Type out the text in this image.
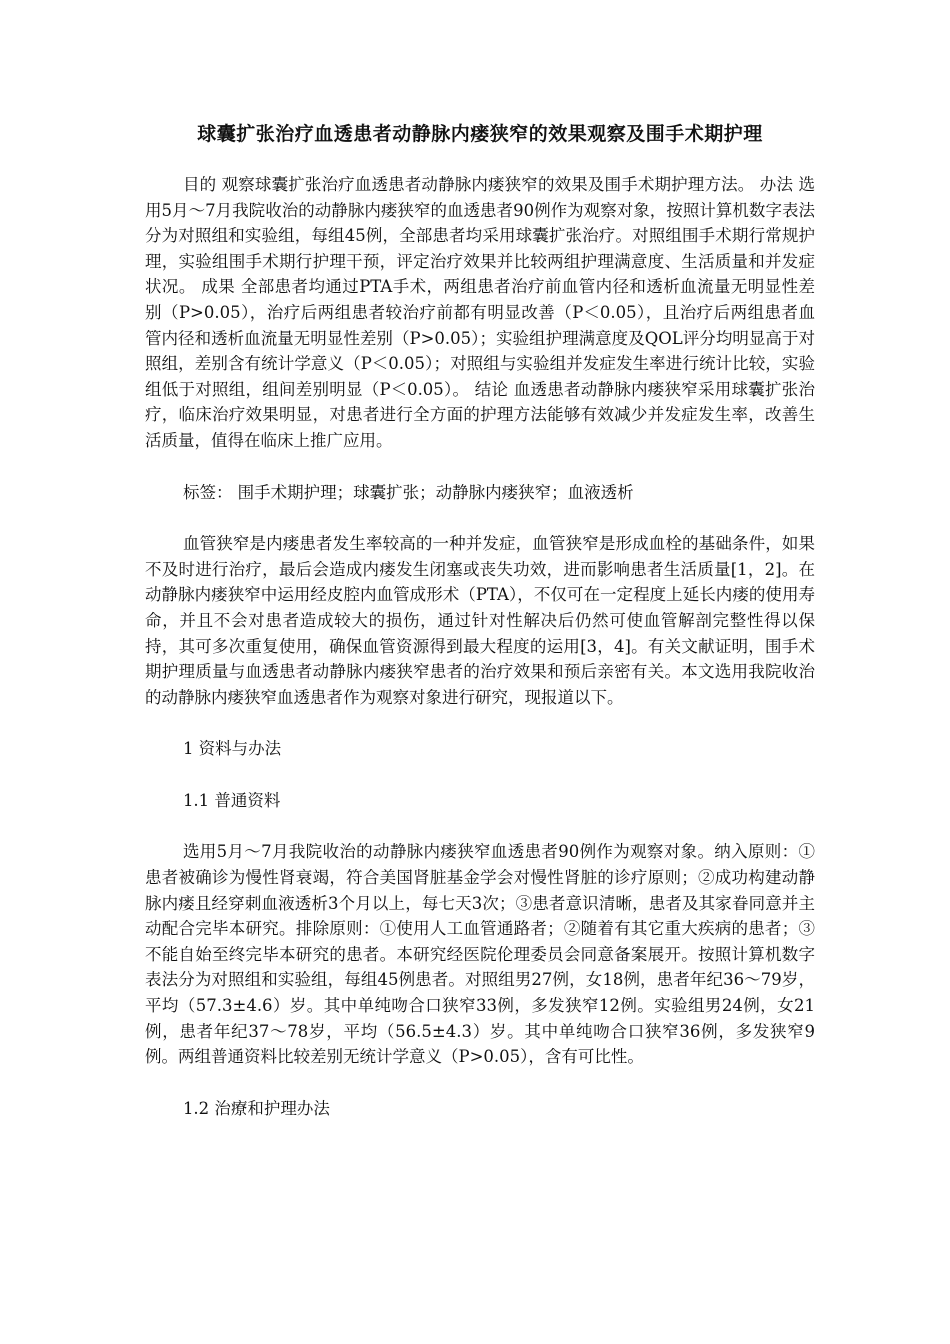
球囊扩张治疗血透患者动静脉内瘘狭窄的效果观察及围手术期护理

目的 观察球囊扩张治疗血透患者动静脉内瘘狭窄的效果及围手术期护理方法。 办法 选用5月～7月我院收治的动静脉内瘘狭窄的血透患者90例作为观察对象，按照计算机数字表法分为对照组和实验组，每组45例，全部患者均采用球囊扩张治疗。对照组围手术期行常规护理，实验组围手术期行护理干预，评定治疗效果并比较两组护理满意度、生活质量和并发症状况。 成果 全部患者均通过PTA手术，两组患者治疗前血管内径和透析血流量无明显性差别（P>0.05），治疗后两组患者较治疗前都有明显改善（P＜0.05），且治疗后两组患者血管内径和透析血流量无明显性差别（P>0.05）；实验组护理满意度及QOL评分均明显高于对照组，差别含有统计学意义（P＜0.05）；对照组与实验组并发症发生率进行统计比较，实验组低于对照组，组间差别明显（P＜0.05）。 结论 血透患者动静脉内瘘狭窄采用球囊扩张治疗，临床治疗效果明显，对患者进行全方面的护理方法能够有效减少并发症发生率，改善生活质量，值得在临床上推广应用。

标签： 围手术期护理；球囊扩张；动静脉内瘘狭窄；血液透析

血管狭窄是内瘘患者发生率较高的一种并发症，血管狭窄是形成血栓的基础条件，如果不及时进行治疗，最后会造成内瘘发生闭塞或丧失功效，进而影响患者生活质量[1，2]。在动静脉内瘘狭窄中运用经皮腔内血管成形术（PTA），不仅可在一定程度上延长内瘘的使用寿命，并且不会对患者造成较大的损伤，通过针对性解决后仍然可使血管解剖完整性得以保持，其可多次重复使用，确保血管资源得到最大程度的运用[3，4]。有关文献证明，围手术期护理质量与血透患者动静脉内瘘狭窄患者的治疗效果和预后亲密有关。本文选用我院收治的动静脉内瘘狭窄血透患者作为观察对象进行研究，现报道以下。

1 资料与办法

1.1 普通资料

选用5月～7月我院收治的动静脉内瘘狭窄血透患者90例作为观察对象。纳入原则：①患者被确诊为慢性肾衰竭，符合美国肾脏基金学会对慢性肾脏的诊疗原则；②成功构建动静脉内瘘且经穿刺血液透析3个月以上，每七天3次；③患者意识清晰，患者及其家眷同意并主动配合完毕本研究。排除原则：①使用人工血管通路者；②随着有其它重大疾病的患者；③不能自始至终完毕本研究的患者。本研究经医院伦理委员会同意备案展开。按照计算机数字表法分为对照组和实验组，每组45例患者。对照组男27例，女18例，患者年纪36～79岁，平均（57.3±4.6）岁。其中单纯吻合口狭窄33例，多发狭窄12例。实验组男24例，女21例，患者年纪37～78岁，平均（56.5±4.3）岁。其中单纯吻合口狭窄36例，多发狭窄9例。两组普通资料比较差别无统计学意义（P>0.05），含有可比性。

1.2 治療和护理办法
